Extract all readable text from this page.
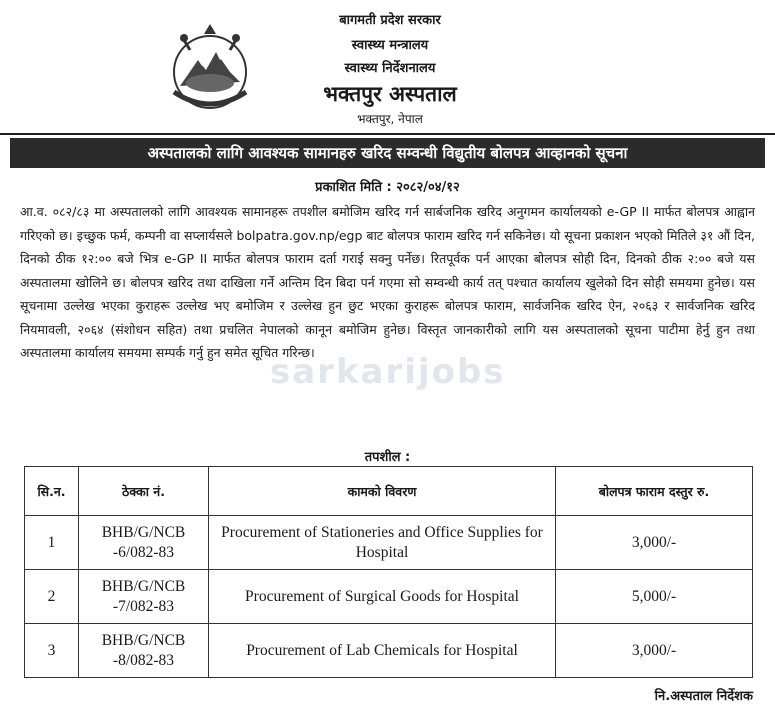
बागमती प्रदेश सरकार
स्वास्थ्य मन्त्रालय
स्वास्थ्य निर्देशनालय
भक्तपुर अस्पताल
भक्तपुर, नेपाल
अस्पतालको लागि आवश्यक सामानहरु खरिद सम्वन्धी विद्युतीय बोलपत्र आव्हानको सूचना
प्रकाशित मिति : २०८२/०४/१२

आ.व. ०८२/८३ मा अस्पतालको लागि आवश्यक सामानहरू तपशील बमोजिम खरिद गर्न सार्बजनिक खरिद अनुगमन कार्यालयको e-GP II मार्फत बोलपत्र आह्वान गरिएको छ। इच्छुक फर्म, कम्पनी वा सप्लार्यसले bolpatra.gov.np/egp बाट बोलपत्र फाराम खरिद गर्न सकिनेछ। यो सूचना प्रकाशन भएको मितिले ३१ औं दिन, दिनको ठीक १२:०० बजे भित्र e-GP II मार्फत बोलपत्र फाराम दर्ता गराई सक्नु पर्नेछ। रितपूर्वक पर्न आएका बोलपत्र सोही दिन, दिनको ठीक २:०० बजे यस अस्पतालमा खोलिने छ। बोलपत्र खरिद तथा दाखिला गर्ने अन्तिम दिन बिदा पर्न गएमा सो सम्वन्धी कार्य तत् पश्चात कार्यालय खुलेको दिन सोही समयमा हुनेछ। यस सूचनामा उल्लेख भएका कुराहरू उल्लेख भए बमोजिम र उल्लेख हुन छुट भएका कुराहरू बोलपत्र फाराम, सार्वजनिक खरिद ऐन, २०६३ र सार्वजनिक खरिद नियमावली, २०६४ (संशोधन सहित) तथा प्रचलित नेपालको कानून बमोजिम हुनेछ। विस्तृत जानकारीको लागि यस अस्पतालको सूचना पाटीमा हेर्नु हुन तथा अस्पतालमा कार्यालय समयमा सम्पर्क गर्नु हुन समेत सूचित गरिन्छ।

sarkarijobs
तपशील :
सि.न.	ठेक्का नं.	कामको विवरण	बोलपत्र फाराम दस्तुर रु.
1	BHB/G/NCB -6/082-83	Procurement of Stationeries and Office Supplies for Hospital	3,000/-
2	BHB/G/NCB -7/082-83	Procurement of Surgical Goods for Hospital	5,000/-
3	BHB/G/NCB -8/082-83	Procurement of Lab Chemicals for Hospital	3,000/-
नि.अस्पताल निर्देशक
